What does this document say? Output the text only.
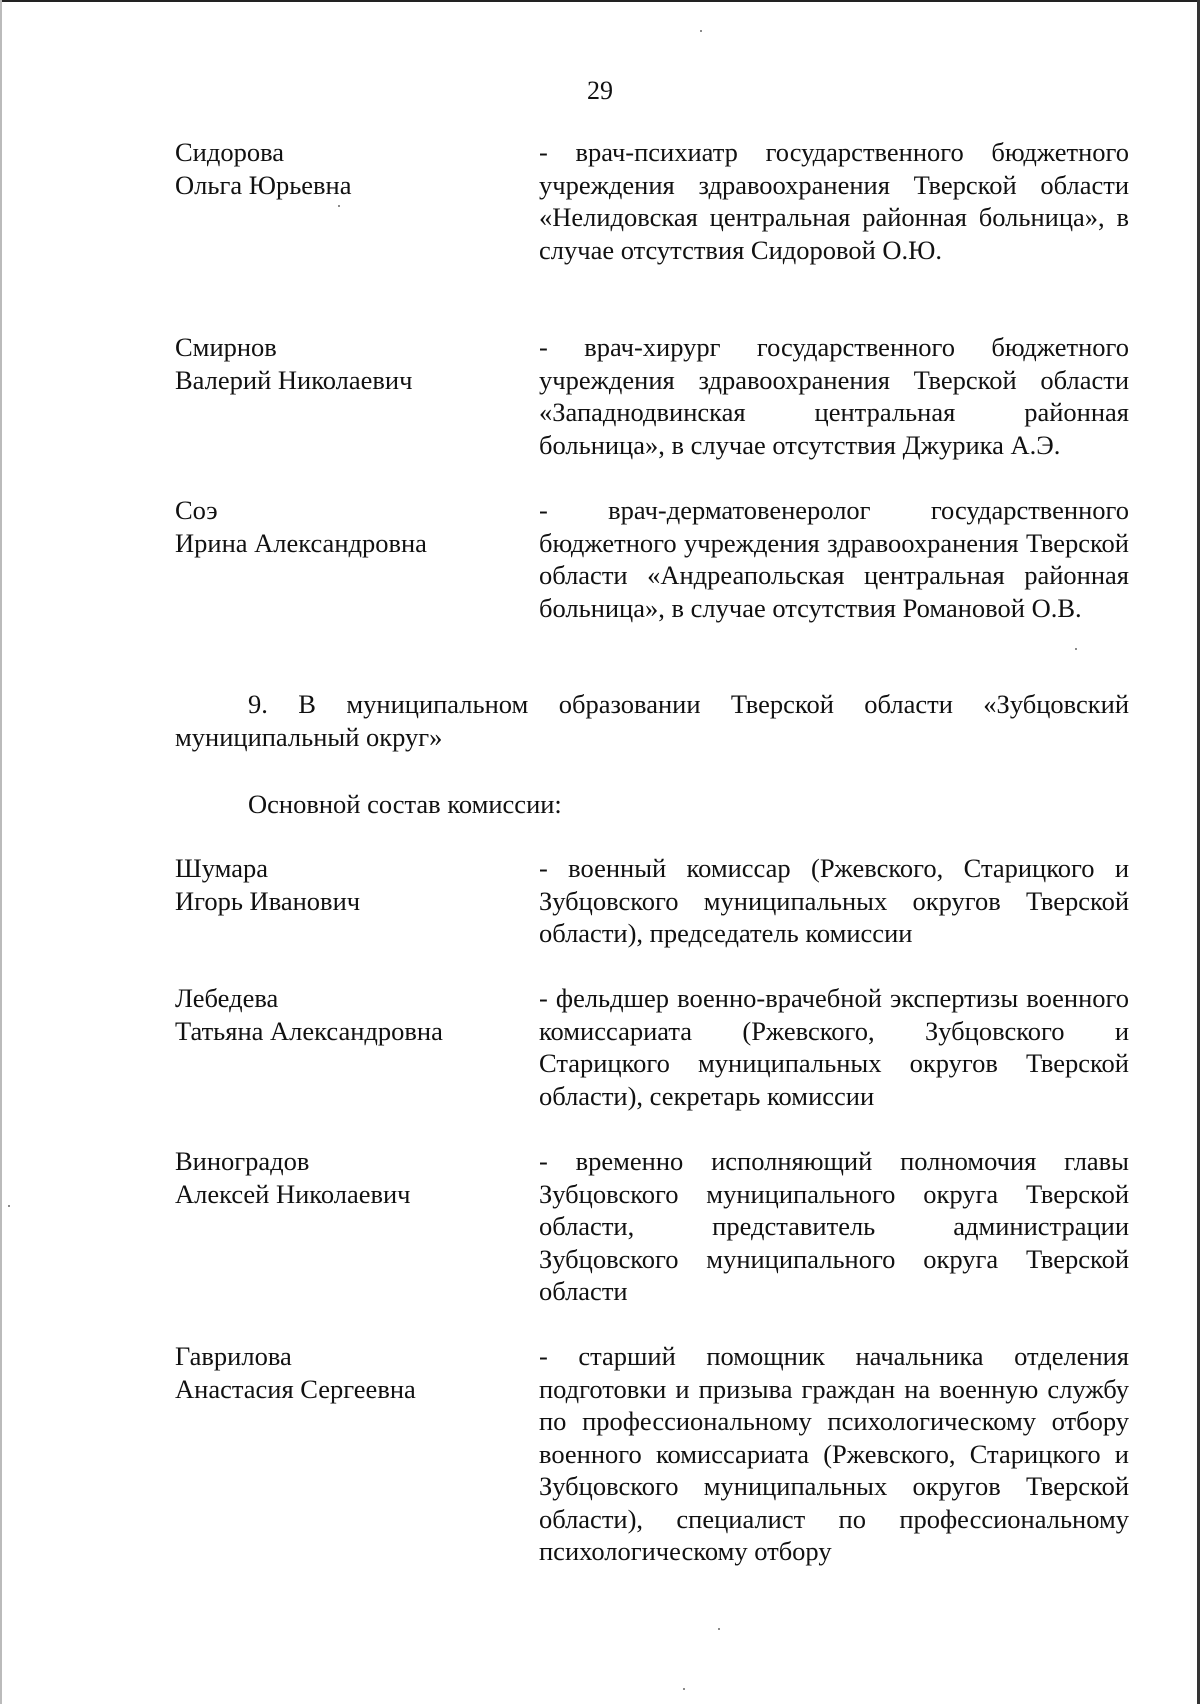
29
Сидорова
Ольга Юрьевна
- врач-психиатр государственного бюджетного учреждения здравоохранения Тверской области «Нелидовская центральная районная больница», в случае отсутствия Сидоровой О.Ю.
Смирнов
Валерий Николаевич
- врач-хирург государственного бюджетного учреждения здравоохранения Тверской области «Западнодвинская центральная районная больница», в случае отсутствия Джурика А.Э.
Соэ
Ирина Александровна
- врач-дерматовенеролог государственного бюджетного учреждения здравоохранения Тверской области «Андреапольская центральная районная больница», в случае отсутствия Романовой О.В.
9. В муниципальном образовании Тверской области «Зубцовский муниципальный округ»
Основной состав комиссии:
Шумара
Игорь Иванович
- военный комиссар (Ржевского, Старицкого и Зубцовского муниципальных округов Тверской области), председатель комиссии
Лебедева
Татьяна Александровна
- фельдшер военно-врачебной экспертизы военного комиссариата (Ржевского, Зубцовского и Старицкого муниципальных округов Тверской области), секретарь комиссии
Виноградов
Алексей Николаевич
- временно исполняющий полномочия главы Зубцовского муниципального округа Тверской области, представитель администрации Зубцовского муниципального округа Тверской области
Гаврилова
Анастасия Сергеевна
- старший помощник начальника отделения подготовки и призыва граждан на военную службу по профессиональному психологическому отбору военного комиссариата (Ржевского, Старицкого и Зубцовского муниципальных округов Тверской области), специалист по профессиональному психологическому отбору
